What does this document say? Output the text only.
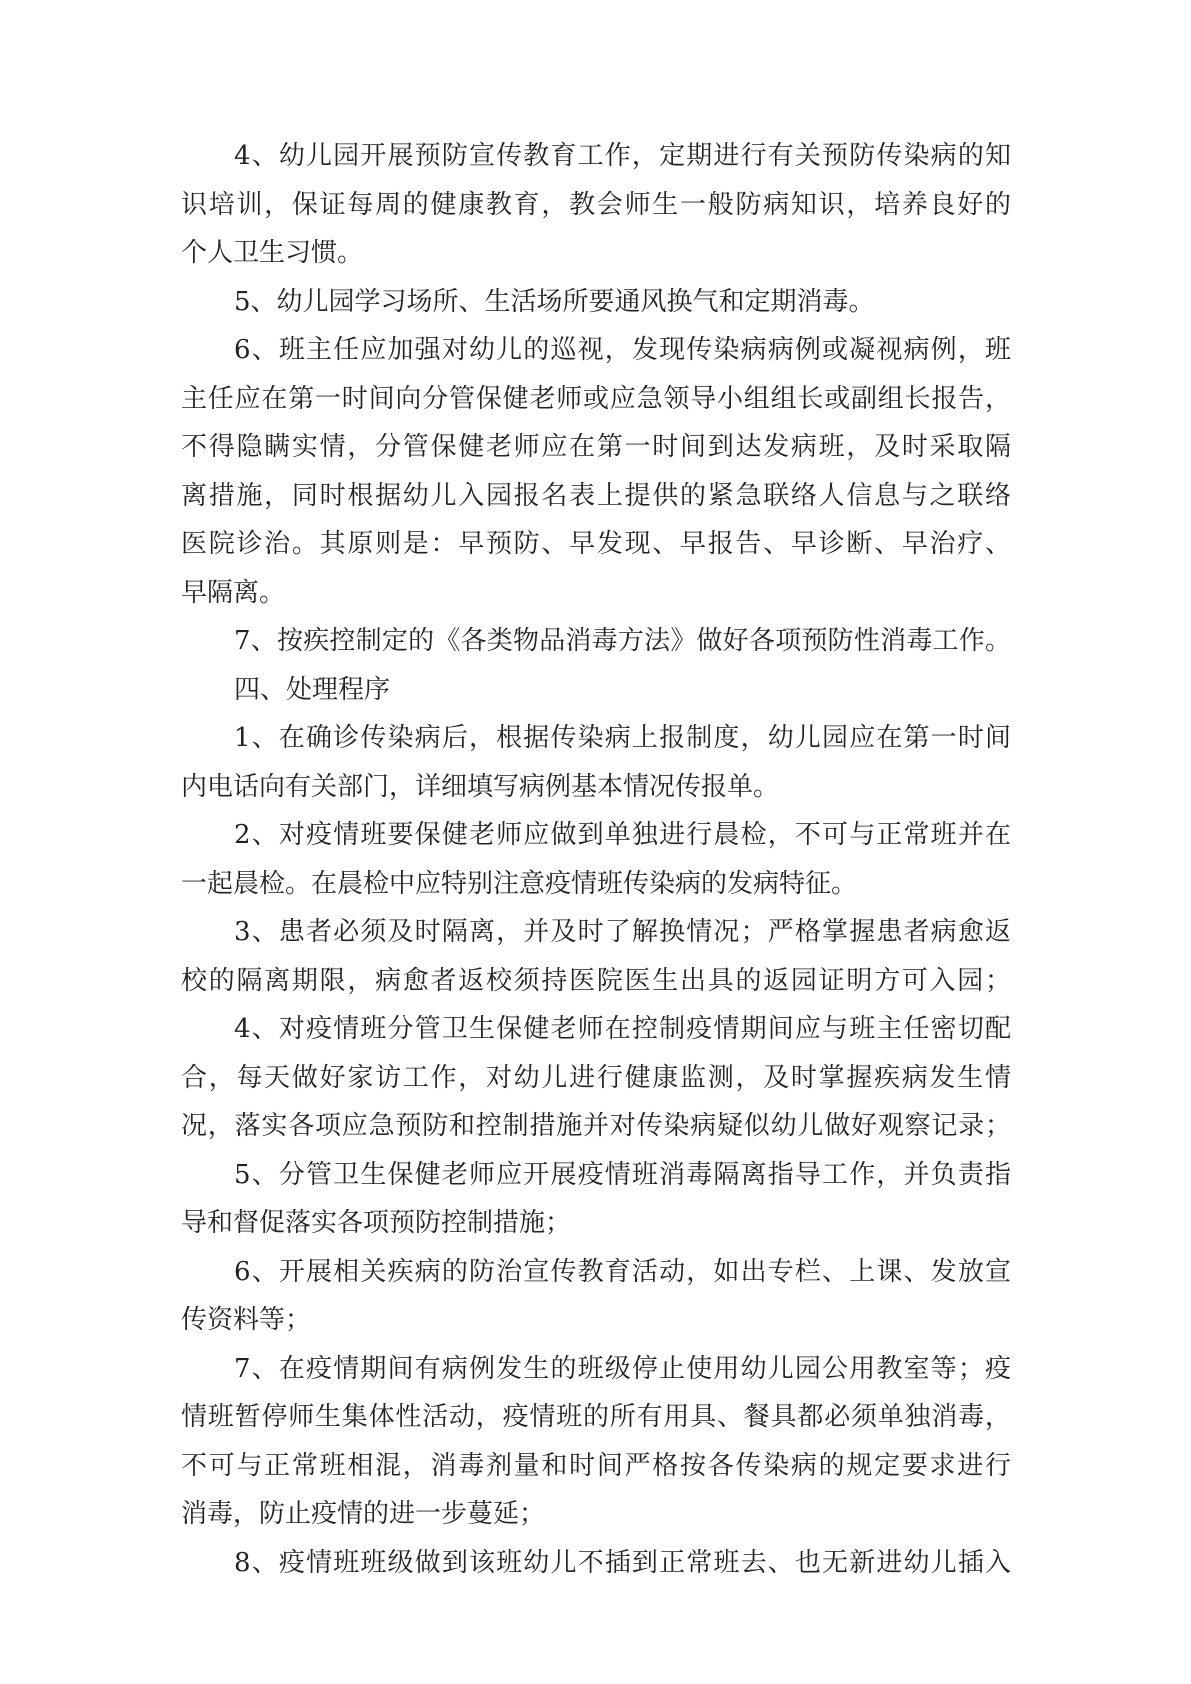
4、幼儿园开展预防宣传教育工作，定期进行有关预防传染病的知
识培训，保证每周的健康教育，教会师生一般防病知识，培养良好的
个人卫生习惯。
5、幼儿园学习场所、生活场所要通风换气和定期消毒。
6、班主任应加强对幼儿的巡视，发现传染病病例或凝视病例，班
主任应在第一时间向分管保健老师或应急领导小组组长或副组长报告，
不得隐瞒实情，分管保健老师应在第一时间到达发病班，及时采取隔
离措施，同时根据幼儿入园报名表上提供的紧急联络人信息与之联络
医院诊治。其原则是：早预防、早发现、早报告、早诊断、早治疗、
早隔离。
7、按疾控制定的《各类物品消毒方法》做好各项预防性消毒工作。
四、处理程序
1、在确诊传染病后，根据传染病上报制度，幼儿园应在第一时间
内电话向有关部门，详细填写病例基本情况传报单。
2、对疫情班要保健老师应做到单独进行晨检，不可与正常班并在
一起晨检。在晨检中应特别注意疫情班传染病的发病特征。
3、患者必须及时隔离，并及时了解换情况；严格掌握患者病愈返
校的隔离期限，病愈者返校须持医院医生出具的返园证明方可入园；
4、对疫情班分管卫生保健老师在控制疫情期间应与班主任密切配
合，每天做好家访工作，对幼儿进行健康监测，及时掌握疾病发生情
况，落实各项应急预防和控制措施并对传染病疑似幼儿做好观察记录；
5、分管卫生保健老师应开展疫情班消毒隔离指导工作，并负责指
导和督促落实各项预防控制措施；
6、开展相关疾病的防治宣传教育活动，如出专栏、上课、发放宣
传资料等；
7、在疫情期间有病例发生的班级停止使用幼儿园公用教室等；疫
情班暂停师生集体性活动，疫情班的所有用具、餐具都必须单独消毒，
不可与正常班相混，消毒剂量和时间严格按各传染病的规定要求进行
消毒，防止疫情的进一步蔓延；
8、疫情班班级做到该班幼儿不插到正常班去、也无新进幼儿插入
